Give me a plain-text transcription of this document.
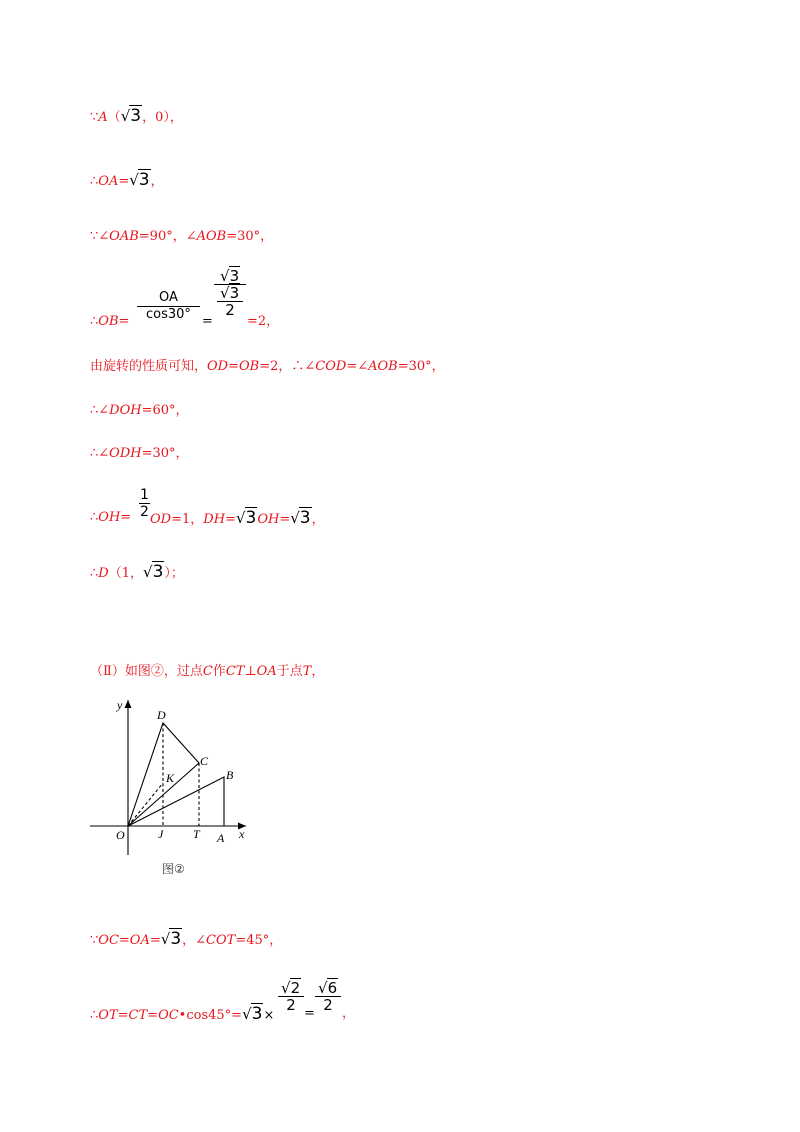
∵A（√3，0），
∴OA=√3，
∵∠OAB=90°，∠AOB=30°，
∴OB= $\frac{OA}{\cos 30^\circ}$ =
$\frac{√3}{\frac{√3}{2}}$
=2，
由旋转的性质可知，OD=OB=2，∴∠COD=∠AOB=30°，
∴∠DOH=60°，
∴∠ODH=30°，
∴OH= $\frac{1}{2} OD=1$，DH=√3OH=√3，
∴D（1，√3）；
（Ⅱ）如图②，过点C作CT⊥OA于点T，
y
x
O
D
C
B
K
J T A
图②
∵OC=OA=√3，∠COT=45°，
∴OT=CT=OC•cos45°=√3×
$\frac{√2}{2}$
=
$\frac{√6}{2}$
，
